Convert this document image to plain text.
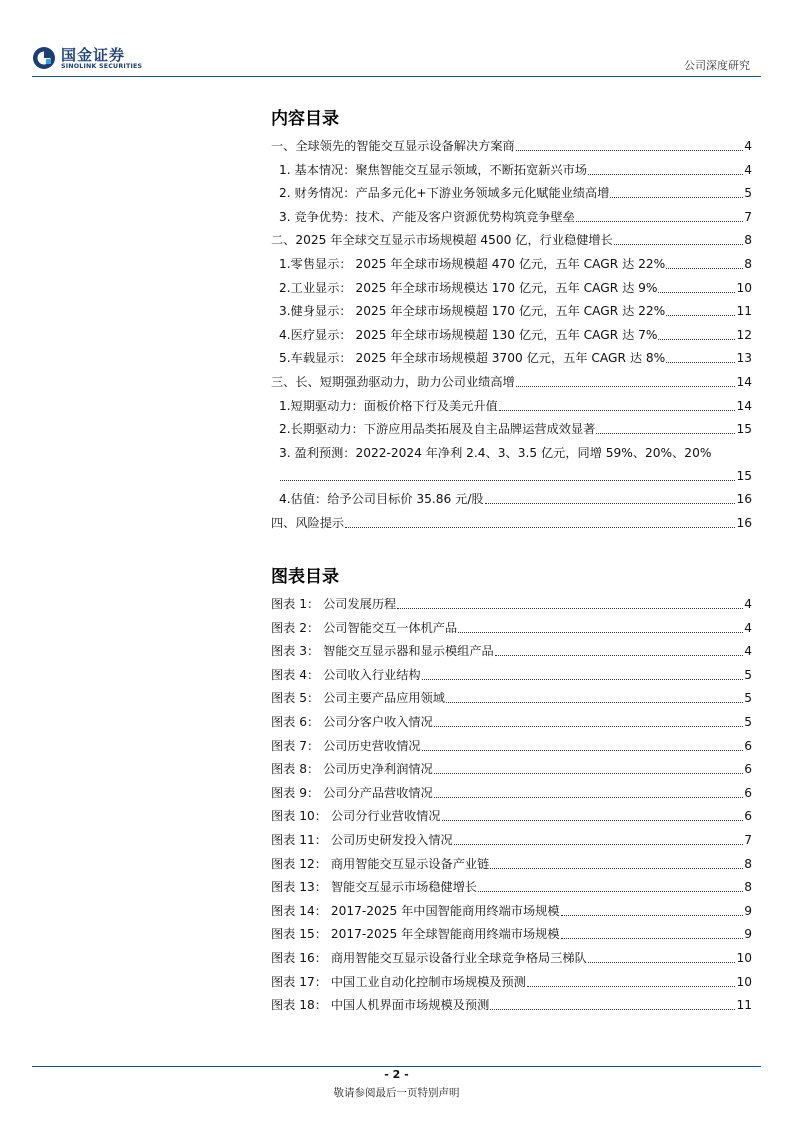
国金证券
SINOLINK SECURITIES	公司深度研究
内容目录
一、全球领先的智能交互显示设备解决方案商	4
1. 基本情况：聚焦智能交互显示领域，不断拓宽新兴市场	4
2. 财务情况：产品多元化+下游业务领域多元化赋能业绩高增	5
3. 竞争优势：技术、产能及客户资源优势构筑竞争壁垒	7
二、2025 年全球交互显示市场规模超 4500 亿，行业稳健增长	8
1.零售显示： 2025 年全球市场规模超 470 亿元，五年 CAGR 达 22%	8
2.工业显示： 2025 年全球市场规模达 170 亿元，五年 CAGR 达 9%	10
3.健身显示： 2025 年全球市场规模超 170 亿元，五年 CAGR 达 22%	11
4.医疗显示： 2025 年全球市场规模超 130 亿元，五年 CAGR 达 7%	12
5.车载显示： 2025 年全球市场规模超 3700 亿元，五年 CAGR 达 8%	13
三、长、短期强劲驱动力，助力公司业绩高增	14
1.短期驱动力：面板价格下行及美元升值	14
2.长期驱动力：下游应用品类拓展及自主品牌运营成效显著	15
3. 盈利预测：2022-2024 年净利 2.4、3、3.5 亿元，同增 59%、20%、20%
15
4.估值：给予公司目标价 35.86 元/股	16
四、风险提示	16
图表目录
图表 1： 公司发展历程	4
图表 2： 公司智能交互一体机产品	4
图表 3： 智能交互显示器和显示模组产品	4
图表 4： 公司收入行业结构	5
图表 5： 公司主要产品应用领域	5
图表 6： 公司分客户收入情况	5
图表 7： 公司历史营收情况	6
图表 8： 公司历史净利润情况	6
图表 9： 公司分产品营收情况	6
图表 10： 公司分行业营收情况	6
图表 11： 公司历史研发投入情况	7
图表 12： 商用智能交互显示设备产业链	8
图表 13： 智能交互显示市场稳健增长	8
图表 14： 2017-2025 年中国智能商用终端市场规模	9
图表 15： 2017-2025 年全球智能商用终端市场规模	9
图表 16： 商用智能交互显示设备行业全球竞争格局三梯队	10
图表 17： 中国工业自动化控制市场规模及预测	10
图表 18： 中国人机界面市场规模及预测	11
- 2 -
敬请参阅最后一页特别声明
